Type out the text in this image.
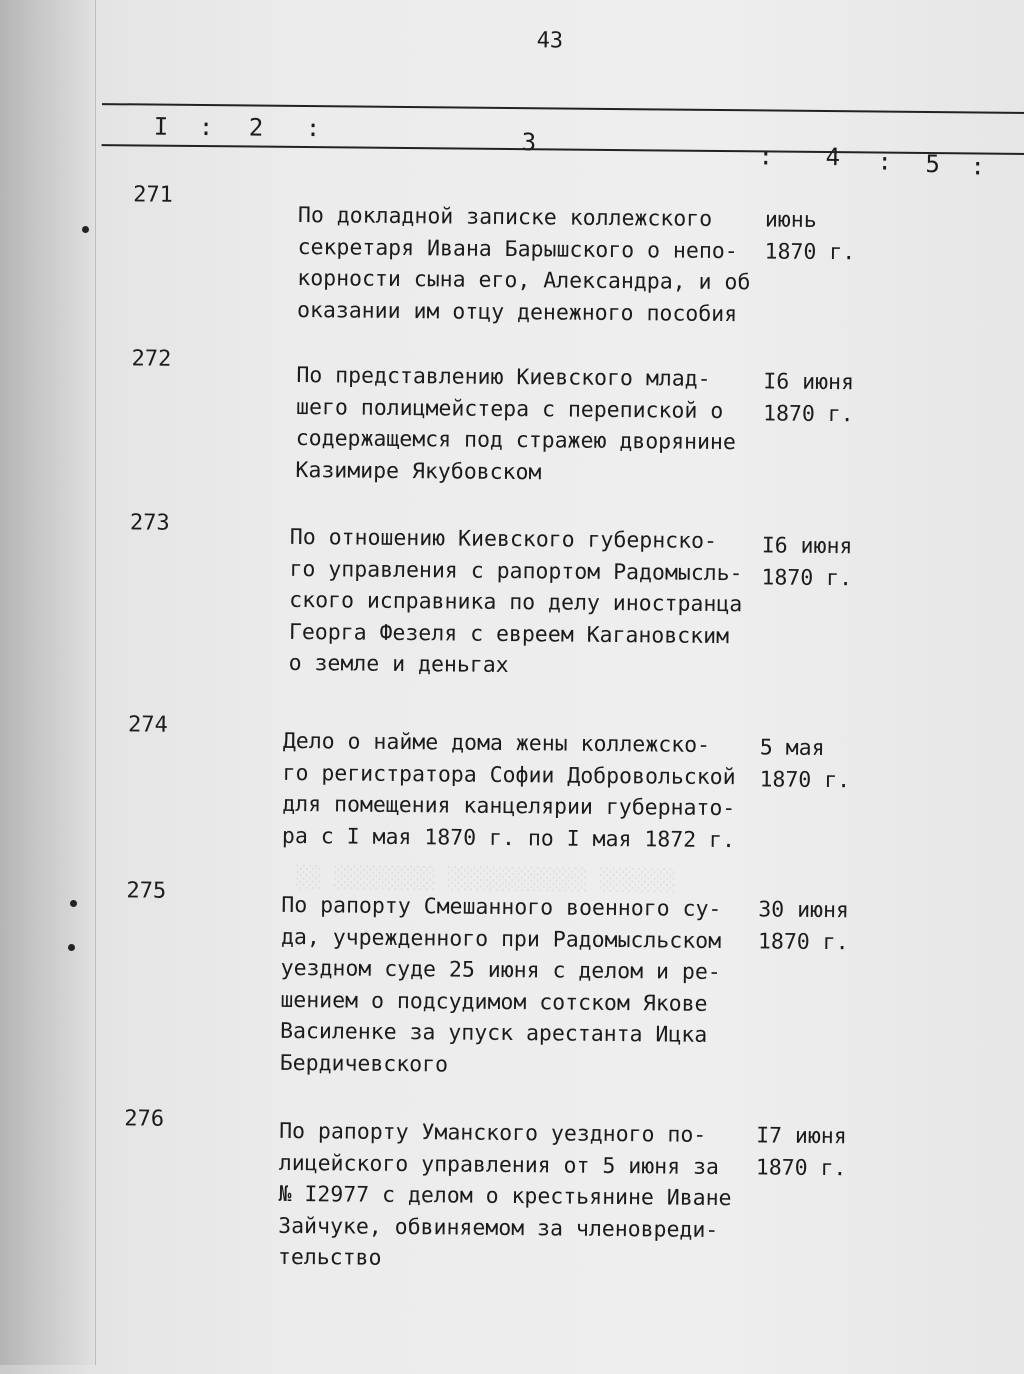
░░ ░░░░░░░░ ░░░░░░░░░░░ ░░░░░░
43
I : 2 :
3
: 4 : 5 :
271
По докладной записке коллежского
секретаря Ивана Барышского о непо-
корности сына его, Александра, и об
оказании им отцу денежного пособия
июнь
1870 г.
272
По представлению Киевского млад-
шего полицмейстера с перепиской о
содержащемся под стражею дворянине
Казимире Якубовском
I6 июня
1870 г.
273
По отношению Киевского губернско-
го управления с рапортом Радомысль-
ского исправника по делу иностранца
Георга Фезеля с евреем Кагановским
о земле и деньгах
I6 июня
1870 г.
274
Дело о найме дома жены коллежско-
го регистратора Софии Добровольской
для помещения канцелярии губернато-
ра с I мая 1870 г. по I мая 1872 г.
5 мая
1870 г.
275
По рапорту Смешанного военного су-
да, учрежденного при Радомысльском
уездном суде 25 июня с делом и ре-
шением о подсудимом сотском Якове
Василенке за упуск арестанта Ицка
Бердичевского
30 июня
1870 г.
276	По рапорту Уманского уездного по-
лицейского управления от 5 июня за
№ I2977 с делом о крестьянине Иване
Зайчуке, обвиняемом за членовреди-
тельство
I7 июня
1870 г.
